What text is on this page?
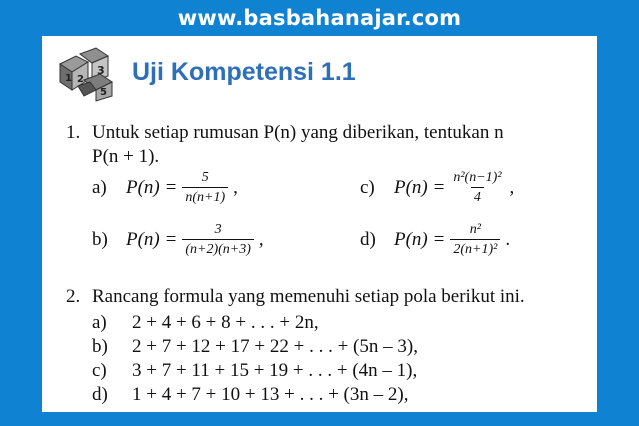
www.basbahanajar.com
1 2
3
5
Uji Kompetensi 1.1
1. Untuk setiap rumusan P(n) yang diberikan, tentukan n
P(n + 1).
a)	$P(n) = \frac{5}{n(n+1)}$ ,
b) $P(n) = \frac{3}{(n+2)(n+3)}$ ,
c)	$P(n) = \frac{\text{n²(n−1)²}}{4}$ ,
d) $P(n) = \frac{\text{n²}}{\text{2(n+1)²}}$ .
2. Rancang formula yang memenuhi setiap pola berikut ini.
a) 2 + 4 + 6 + 8 + . . . + 2n,
b) 2 + 7 + 12 + 17 + 22 + . . . + (5n – 3),
c) 3 + 7 + 11 + 15 + 19 + . . . + (4n – 1),
d) 1 + 4 + 7 + 10 + 13 + . . . + (3n – 2),
